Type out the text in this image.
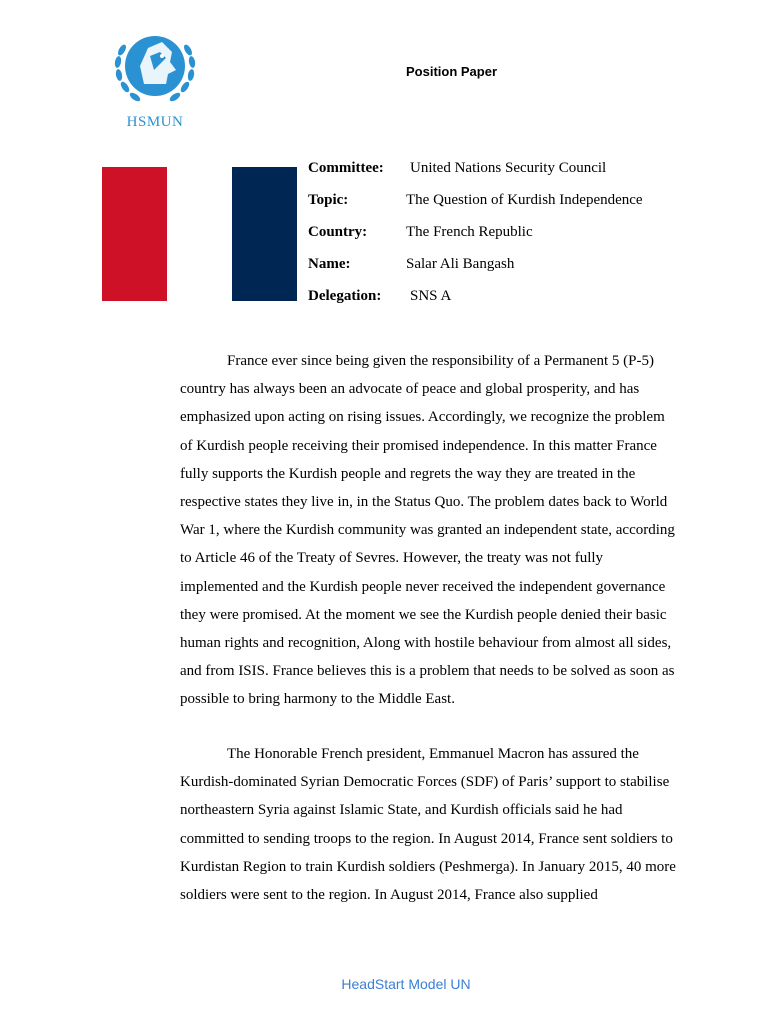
HSMUN
Position Paper
Committee: United Nations Security Council
Topic:	The Question of Kurdish Independence
Country:	The French Republic
Name:	Salar Ali Bangash
Delegation: SNS A

France ever since being given the responsibility of a Permanent 5 (P-5) country has always been an advocate of peace and global prosperity, and has emphasized upon acting on rising issues. Accordingly, we recognize the problem of Kurdish people receiving their promised independence. In this matter France fully supports the Kurdish people and regrets the way they are treated in the respective states they live in, in the Status Quo. The problem dates back to World War 1, where the Kurdish community was granted an independent state, according to Article 46 of the Treaty of Sevres. However, the treaty was not fully implemented and the Kurdish people never received the independent governance they were promised. At the moment we see the Kurdish people denied their basic human rights and recognition, Along with hostile behaviour from almost all sides, and from ISIS. France believes this is a problem that needs to be solved as soon as possible to bring harmony to the Middle East.

The Honorable French president, Emmanuel Macron has assured the Kurdish-dominated Syrian Democratic Forces (SDF) of Paris’ support to stabilise northeastern Syria against Islamic State, and Kurdish officials said he had committed to sending troops to the region. In August 2014, France sent soldiers to Kurdistan Region to train Kurdish soldiers (Peshmerga). In January 2015, 40 more soldiers were sent to the region. In August 2014, France also supplied

HeadStart Model UN
